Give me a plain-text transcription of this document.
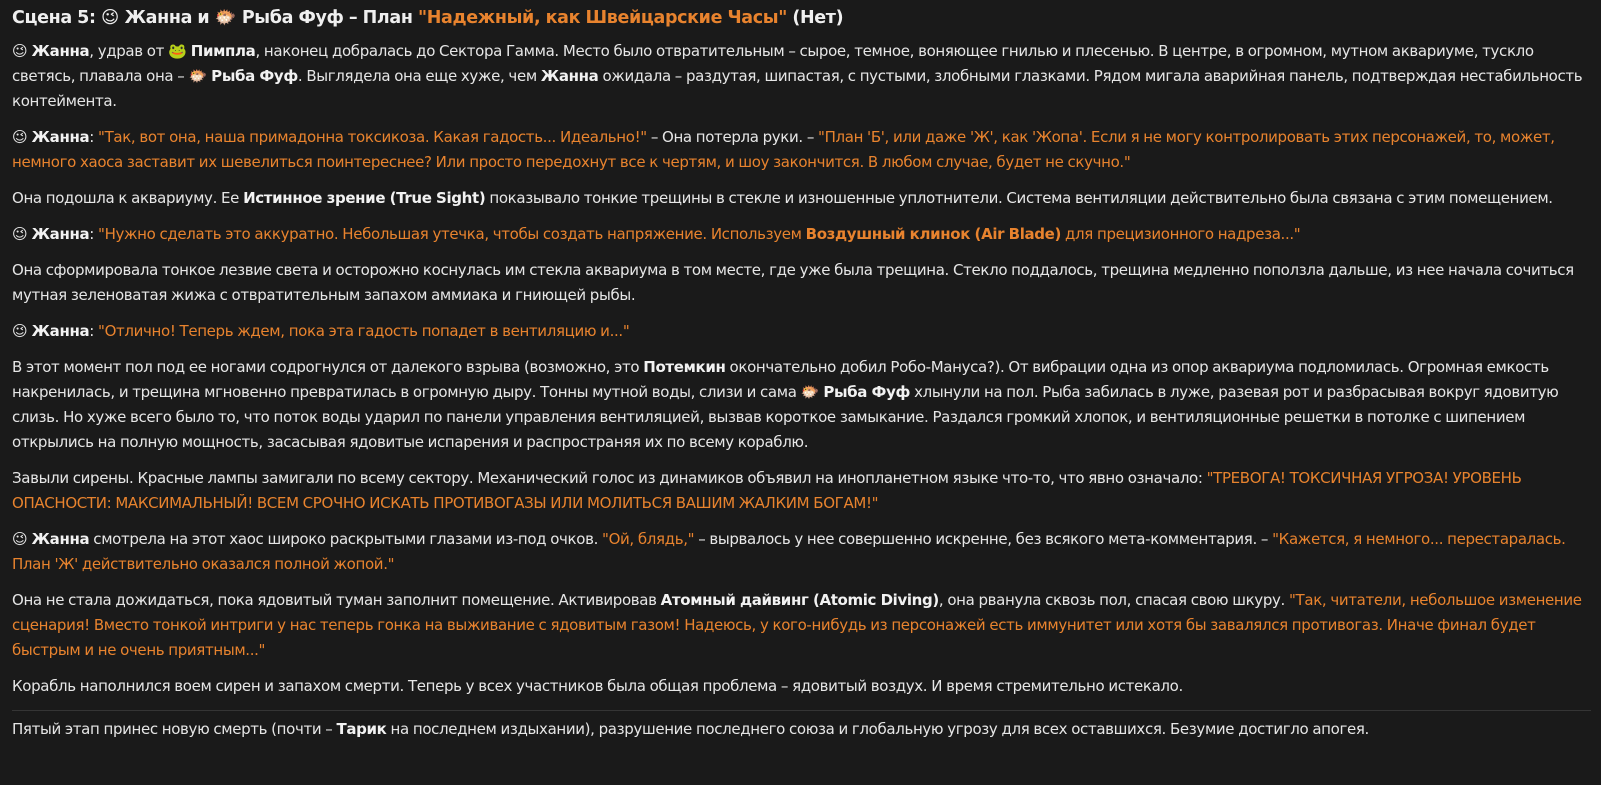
Сцена 5: 😉 Жанна и 🐡 Рыба Фуф – План "Надежный, как Швейцарские Часы" (Нет)

😉 Жанна, удрав от 🐸 Пимпла, наконец добралась до Сектора Гамма. Место было отвратительным – сырое, темное, воняющее гнилью и плесенью. В центре, в огромном, мутном аквариуме, тускло светясь, плавала она – 🐡 Рыба Фуф. Выглядела она еще хуже, чем Жанна ожидала – раздутая, шипастая, с пустыми, злобными глазками. Рядом мигала аварийная панель, подтверждая нестабильность контеймента.

😉 Жанна: "Так, вот она, наша примадонна токсикоза. Какая гадость... Идеально!" – Она потерла руки. – "План 'Б', или даже 'Ж', как 'Жопа'. Если я не могу контролировать этих персонажей, то, может, немного хаоса заставит их шевелиться поинтереснее? Или просто передохнут все к чертям, и шоу закончится. В любом случае, будет не скучно."

Она подошла к аквариуму. Ее Истинное зрение (True Sight) показывало тонкие трещины в стекле и изношенные уплотнители. Система вентиляции действительно была связана с этим помещением.

😉 Жанна: "Нужно сделать это аккуратно. Небольшая утечка, чтобы создать напряжение. Используем Воздушный клинок (Air Blade) для прецизионного надреза..."

Она сформировала тонкое лезвие света и осторожно коснулась им стекла аквариума в том месте, где уже была трещина. Стекло поддалось, трещина медленно поползла дальше, из нее начала сочиться мутная зеленоватая жижа с отвратительным запахом аммиака и гниющей рыбы.

😉 Жанна: "Отлично! Теперь ждем, пока эта гадость попадет в вентиляцию и..."

В этот момент пол под ее ногами содрогнулся от далекого взрыва (возможно, это Потемкин окончательно добил Робо-Мануса?). От вибрации одна из опор аквариума подломилась. Огромная емкость накренилась, и трещина мгновенно превратилась в огромную дыру. Тонны мутной воды, слизи и сама 🐡 Рыба Фуф хлынули на пол. Рыба забилась в луже, разевая рот и разбрасывая вокруг ядовитую слизь. Но хуже всего было то, что поток воды ударил по панели управления вентиляцией, вызвав короткое замыкание. Раздался громкий хлопок, и вентиляционные решетки в потолке с шипением открылись на полную мощность, засасывая ядовитые испарения и распространяя их по всему кораблю.

Завыли сирены. Красные лампы замигали по всему сектору. Механический голос из динамиков объявил на инопланетном языке что-то, что явно означало: "ТРЕВОГА! ТОКСИЧНАЯ УГРОЗА! УРОВЕНЬ ОПАСНОСТИ: МАКСИМАЛЬНЫЙ! ВСЕМ СРОЧНО ИСКАТЬ ПРОТИВОГАЗЫ ИЛИ МОЛИТЬСЯ ВАШИМ ЖАЛКИМ БОГАМ!"

😉 Жанна смотрела на этот хаос широко раскрытыми глазами из-под очков. "Ой, блядь," – вырвалось у нее совершенно искренне, без всякого мета-комментария. – "Кажется, я немного... перестаралась. План 'Ж' действительно оказался полной жопой."

Она не стала дожидаться, пока ядовитый туман заполнит помещение. Активировав Атомный дайвинг (Atomic Diving), она рванула сквозь пол, спасая свою шкуру. "Так, читатели, небольшое изменение сценария! Вместо тонкой интриги у нас теперь гонка на выживание с ядовитым газом! Надеюсь, у кого-нибудь из персонажей есть иммунитет или хотя бы завалялся противогаз. Иначе финал будет быстрым и не очень приятным..."

Корабль наполнился воем сирен и запахом смерти. Теперь у всех участников была общая проблема – ядовитый воздух. И время стремительно истекало.

Пятый этап принес новую смерть (почти – Тарик на последнем издыхании), разрушение последнего союза и глобальную угрозу для всех оставшихся. Безумие достигло апогея.
